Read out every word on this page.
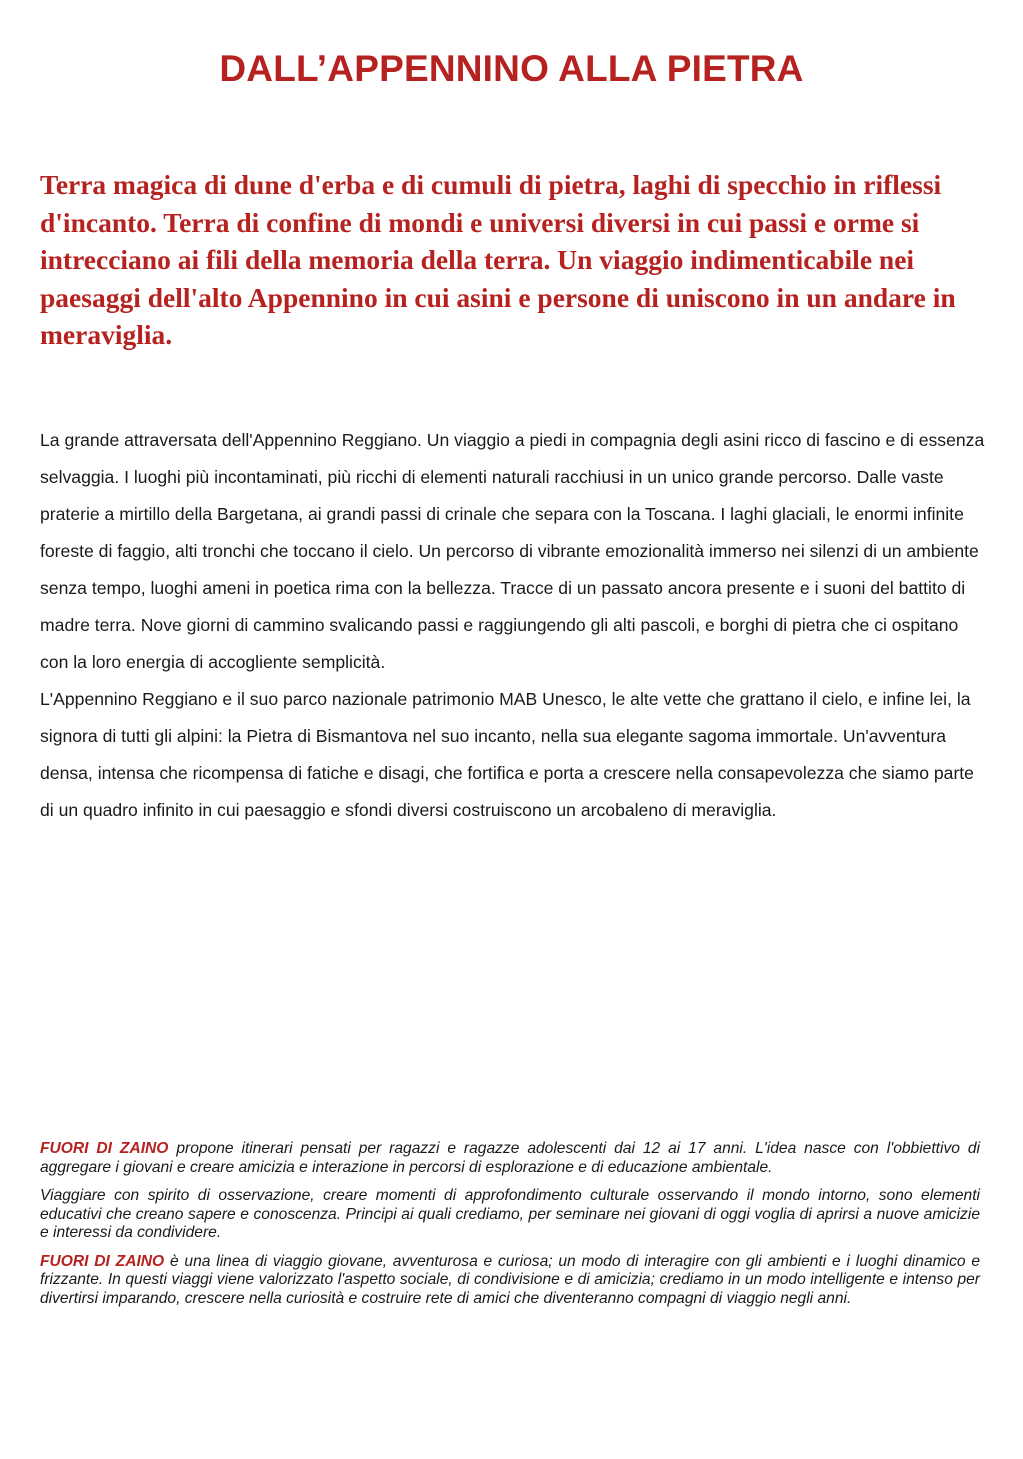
DALL’APPENNINO ALLA PIETRA

Terra magica di dune d'erba e di cumuli di pietra, laghi di specchio in riflessi d'incanto. Terra di confine di mondi e universi diversi in cui passi e orme si intrecciano ai fili della memoria della terra. Un viaggio indimenticabile nei paesaggi dell'alto Appennino in cui asini e persone di uniscono in un andare in meraviglia.

La grande attraversata dell'Appennino Reggiano. Un viaggio a piedi in compagnia degli asini ricco di fascino e di essenza selvaggia. I luoghi più incontaminati, più ricchi di elementi naturali racchiusi in un unico grande percorso. Dalle vaste praterie a mirtillo della Bargetana, ai grandi passi di crinale che separa con la Toscana. I laghi glaciali, le enormi infinite foreste di faggio, alti tronchi che toccano il cielo. Un percorso di vibrante emozionalità immerso nei silenzi di un ambiente senza tempo, luoghi ameni in poetica rima con la bellezza. Tracce di un passato ancora presente e i suoni del battito di madre terra. Nove giorni di cammino svalicando passi e raggiungendo gli alti pascoli, e borghi di pietra che ci ospitano con la loro energia di accogliente semplicità.
L'Appennino Reggiano e il suo parco nazionale patrimonio MAB Unesco, le alte vette che grattano il cielo, e infine lei, la signora di tutti gli alpini: la Pietra di Bismantova nel suo incanto, nella sua elegante sagoma immortale. Un'avventura densa, intensa che ricompensa di fatiche e disagi, che fortifica e porta a crescere nella consapevolezza che siamo parte di un quadro infinito in cui paesaggio e sfondi diversi costruiscono un arcobaleno di meraviglia.

FUORI DI ZAINO propone itinerari pensati per ragazzi e ragazze adolescenti dai 12 ai 17 anni. L'idea nasce con l'obbiettivo di aggregare i giovani e creare amicizia e interazione in percorsi di esplorazione e di educazione ambientale.

Viaggiare con spirito di osservazione, creare momenti di approfondimento culturale osservando il mondo intorno, sono elementi educativi che creano sapere e conoscenza. Principi ai quali crediamo, per seminare nei giovani di oggi voglia di aprirsi a nuove amicizie e interessi da condividere.

FUORI DI ZAINO è una linea di viaggio giovane, avventurosa e curiosa; un modo di interagire con gli ambienti e i luoghi dinamico e frizzante. In questi viaggi viene valorizzato l'aspetto sociale, di condivisione e di amicizia; crediamo in un modo intelligente e intenso per divertirsi imparando, crescere nella curiosità e costruire rete di amici che diventeranno compagni di viaggio negli anni.
